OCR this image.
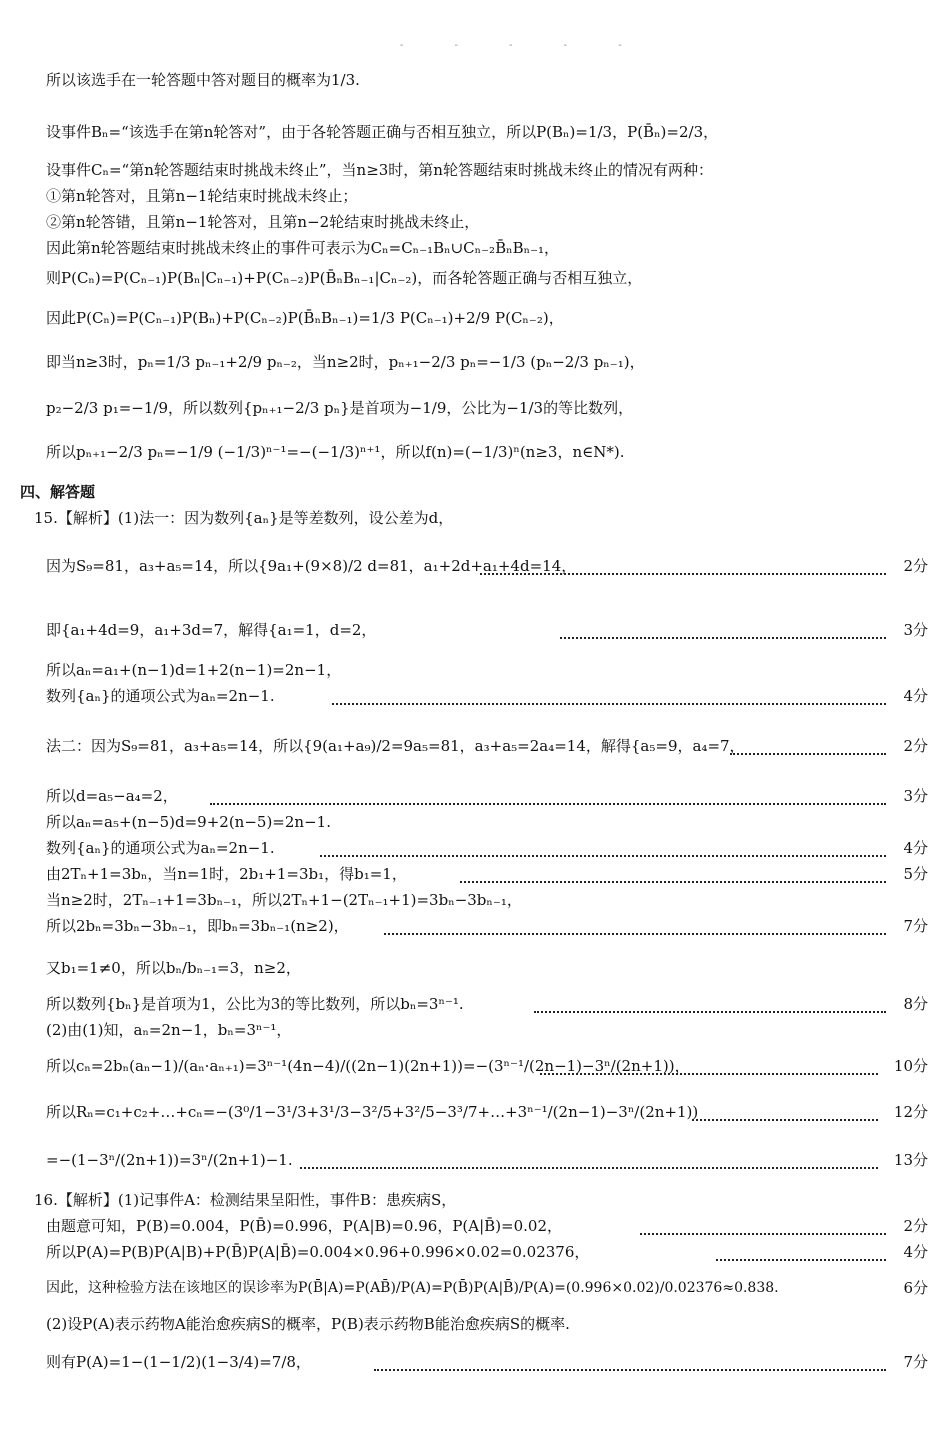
- - - - -
所以该选手在一轮答题中答对题目的概率为1/3.
设事件Bₙ=“该选手在第n轮答对”，由于各轮答题正确与否相互独立，所以P(Bₙ)=1/3，P(B̄ₙ)=2/3，
设事件Cₙ=“第n轮答题结束时挑战未终止”，当n≥3时，第n轮答题结束时挑战未终止的情况有两种：
①第n轮答对，且第n−1轮结束时挑战未终止；
②第n轮答错，且第n−1轮答对，且第n−2轮结束时挑战未终止，
因此第n轮答题结束时挑战未终止的事件可表示为Cₙ=Cₙ₋₁Bₙ∪Cₙ₋₂B̄ₙBₙ₋₁，
则P(Cₙ)=P(Cₙ₋₁)P(Bₙ|Cₙ₋₁)+P(Cₙ₋₂)P(B̄ₙBₙ₋₁|Cₙ₋₂)，而各轮答题正确与否相互独立，
因此P(Cₙ)=P(Cₙ₋₁)P(Bₙ)+P(Cₙ₋₂)P(B̄ₙBₙ₋₁)=1/3 P(Cₙ₋₁)+2/9 P(Cₙ₋₂)，
即当n≥3时，pₙ=1/3 pₙ₋₁+2/9 pₙ₋₂，当n≥2时，pₙ₊₁−2/3 pₙ=−1/3 (pₙ−2/3 pₙ₋₁)，
p₂−2/3 p₁=−1/9，所以数列{pₙ₊₁−2/3 pₙ}是首项为−1/9，公比为−1/3的等比数列，
所以pₙ₊₁−2/3 pₙ=−1/9 (−1/3)ⁿ⁻¹=−(−1/3)ⁿ⁺¹，所以f(n)=(−1/3)ⁿ(n≥3，n∈N*).
四、解答题
15.【解析】(1)法一：因为数列{aₙ}是等差数列，设公差为d，
因为S₉=81，a₃+a₅=14，所以{9a₁+(9×8)/2 d=81，a₁+2d+a₁+4d=14，	2分
即{a₁+4d=9，a₁+3d=7，解得{a₁=1，d=2，	3分
所以aₙ=a₁+(n−1)d=1+2(n−1)=2n−1，
数列{aₙ}的通项公式为aₙ=2n−1.	4分
法二：因为S₉=81，a₃+a₅=14，所以{9(a₁+a₉)/2=9a₅=81，a₃+a₅=2a₄=14，解得{a₅=9，a₄=7，	2分
所以d=a₅−a₄=2，	3分
所以aₙ=a₅+(n−5)d=9+2(n−5)=2n−1.
数列{aₙ}的通项公式为aₙ=2n−1.	4分
由2Tₙ+1=3bₙ，当n=1时，2b₁+1=3b₁，得b₁=1，	5分
当n≥2时，2Tₙ₋₁+1=3bₙ₋₁，所以2Tₙ+1−(2Tₙ₋₁+1)=3bₙ−3bₙ₋₁，
所以2bₙ=3bₙ−3bₙ₋₁，即bₙ=3bₙ₋₁(n≥2)，	7分
又b₁=1≠0，所以bₙ/bₙ₋₁=3，n≥2，
所以数列{bₙ}是首项为1，公比为3的等比数列，所以bₙ=3ⁿ⁻¹.	8分
(2)由(1)知，aₙ=2n−1，bₙ=3ⁿ⁻¹，
所以cₙ=2bₙ(aₙ−1)/(aₙ·aₙ₊₁)=3ⁿ⁻¹(4n−4)/((2n−1)(2n+1))=−(3ⁿ⁻¹/(2n−1)−3ⁿ/(2n+1))，	10分
所以Rₙ=c₁+c₂+…+cₙ=−(3⁰/1−3¹/3+3¹/3−3²/5+3²/5−3³/7+…+3ⁿ⁻¹/(2n−1)−3ⁿ/(2n+1))	12分
=−(1−3ⁿ/(2n+1))=3ⁿ/(2n+1)−1.	13分
16.【解析】(1)记事件A：检测结果呈阳性，事件B：患疾病S，
由题意可知，P(B)=0.004，P(B̄)=0.996，P(A|B)=0.96，P(A|B̄)=0.02，	2分
所以P(A)=P(B)P(A|B)+P(B̄)P(A|B̄)=0.004×0.96+0.996×0.02=0.02376，	4分
因此，这种检验方法在该地区的误诊率为P(B̄|A)=P(AB̄)/P(A)=P(B̄)P(A|B̄)/P(A)=(0.996×0.02)/0.02376≈0.838.	6分
(2)设P(A)表示药物A能治愈疾病S的概率，P(B)表示药物B能治愈疾病S的概率.
则有P(A)=1−(1−1/2)(1−3/4)=7/8，	7分
